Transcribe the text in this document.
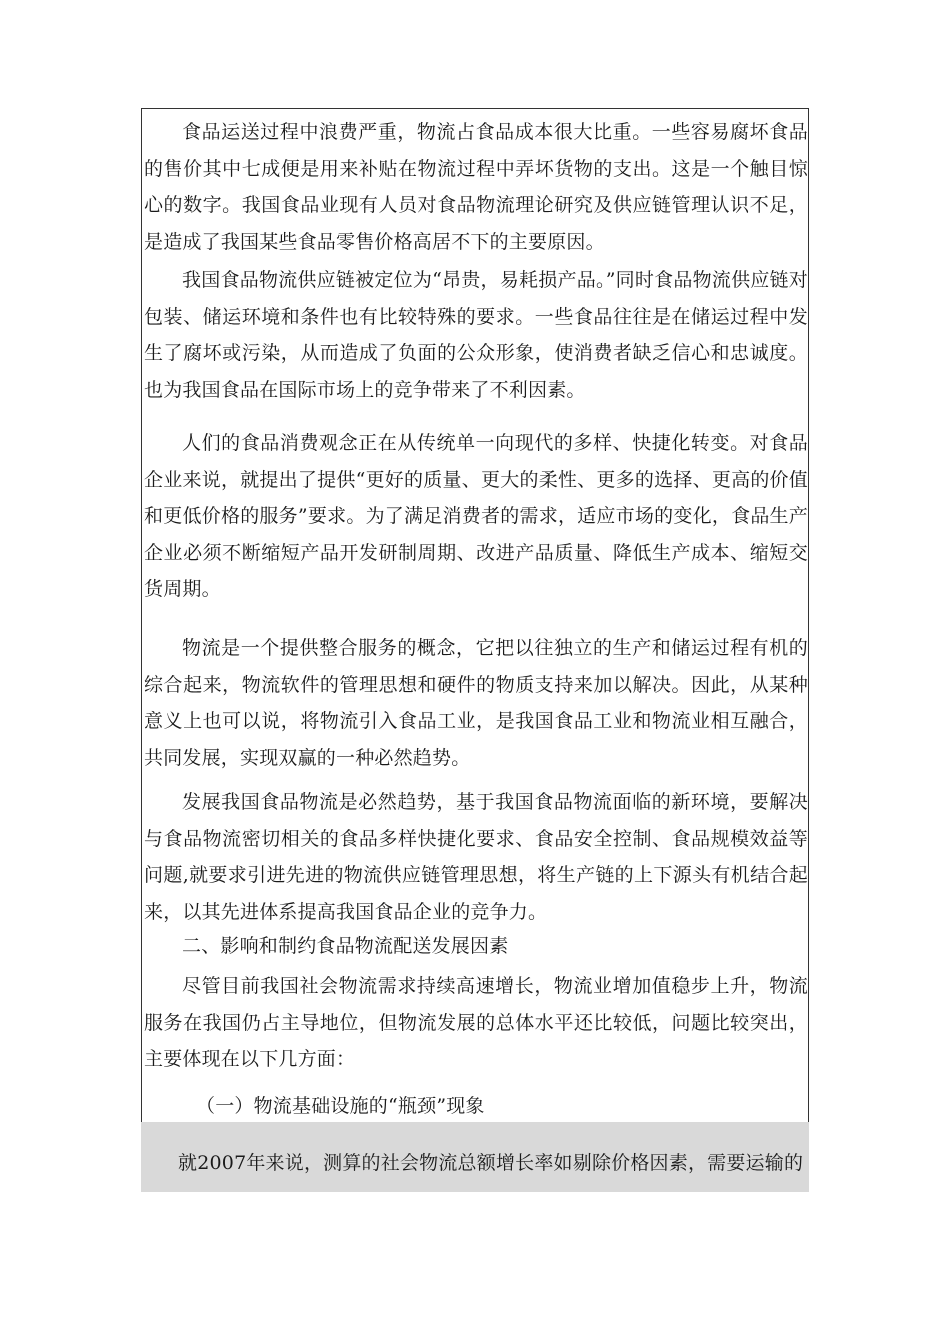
食品运送过程中浪费严重，物流占食品成本很大比重。一些容易腐坏食品的售价其中七成便是用来补贴在物流过程中弄坏货物的支出。这是一个触目惊心的数字。我国食品业现有人员对食品物流理论研究及供应链管理认识不足，是造成了我国某些食品零售价格高居不下的主要原因。

我国食品物流供应链被定位为“昂贵，易耗损产品。”同时食品物流供应链对包装、储运环境和条件也有比较特殊的要求。一些食品往往是在储运过程中发生了腐坏或污染，从而造成了负面的公众形象，使消费者缺乏信心和忠诚度。也为我国食品在国际市场上的竞争带来了不利因素。

人们的食品消费观念正在从传统单一向现代的多样、快捷化转变。对食品企业来说，就提出了提供“更好的质量、更大的柔性、更多的选择、更高的价值和更低价格的服务”要求。为了满足消费者的需求，适应市场的变化，食品生产企业必须不断缩短产品开发研制周期、改进产品质量、降低生产成本、缩短交货周期。

物流是一个提供整合服务的概念，它把以往独立的生产和储运过程有机的综合起来，物流软件的管理思想和硬件的物质支持来加以解决。因此，从某种意义上也可以说，将物流引入食品工业，是我国食品工业和物流业相互融合，共同发展，实现双赢的一种必然趋势。

发展我国食品物流是必然趋势，基于我国食品物流面临的新环境，要解决与食品物流密切相关的食品多样快捷化要求、食品安全控制、食品规模效益等问题,就要求引进先进的物流供应链管理思想，将生产链的上下源头有机结合起来，以其先进体系提高我国食品企业的竞争力。

二、影响和制约食品物流配送发展因素

尽管目前我国社会物流需求持续高速增长，物流业增加值稳步上升，物流服务在我国仍占主导地位，但物流发展的总体水平还比较低，问题比较突出，主要体现在以下几方面：

（一）物流基础设施的“瓶颈”现象

就2007年来说，测算的社会物流总额增长率如剔除价格因素，需要运输的
